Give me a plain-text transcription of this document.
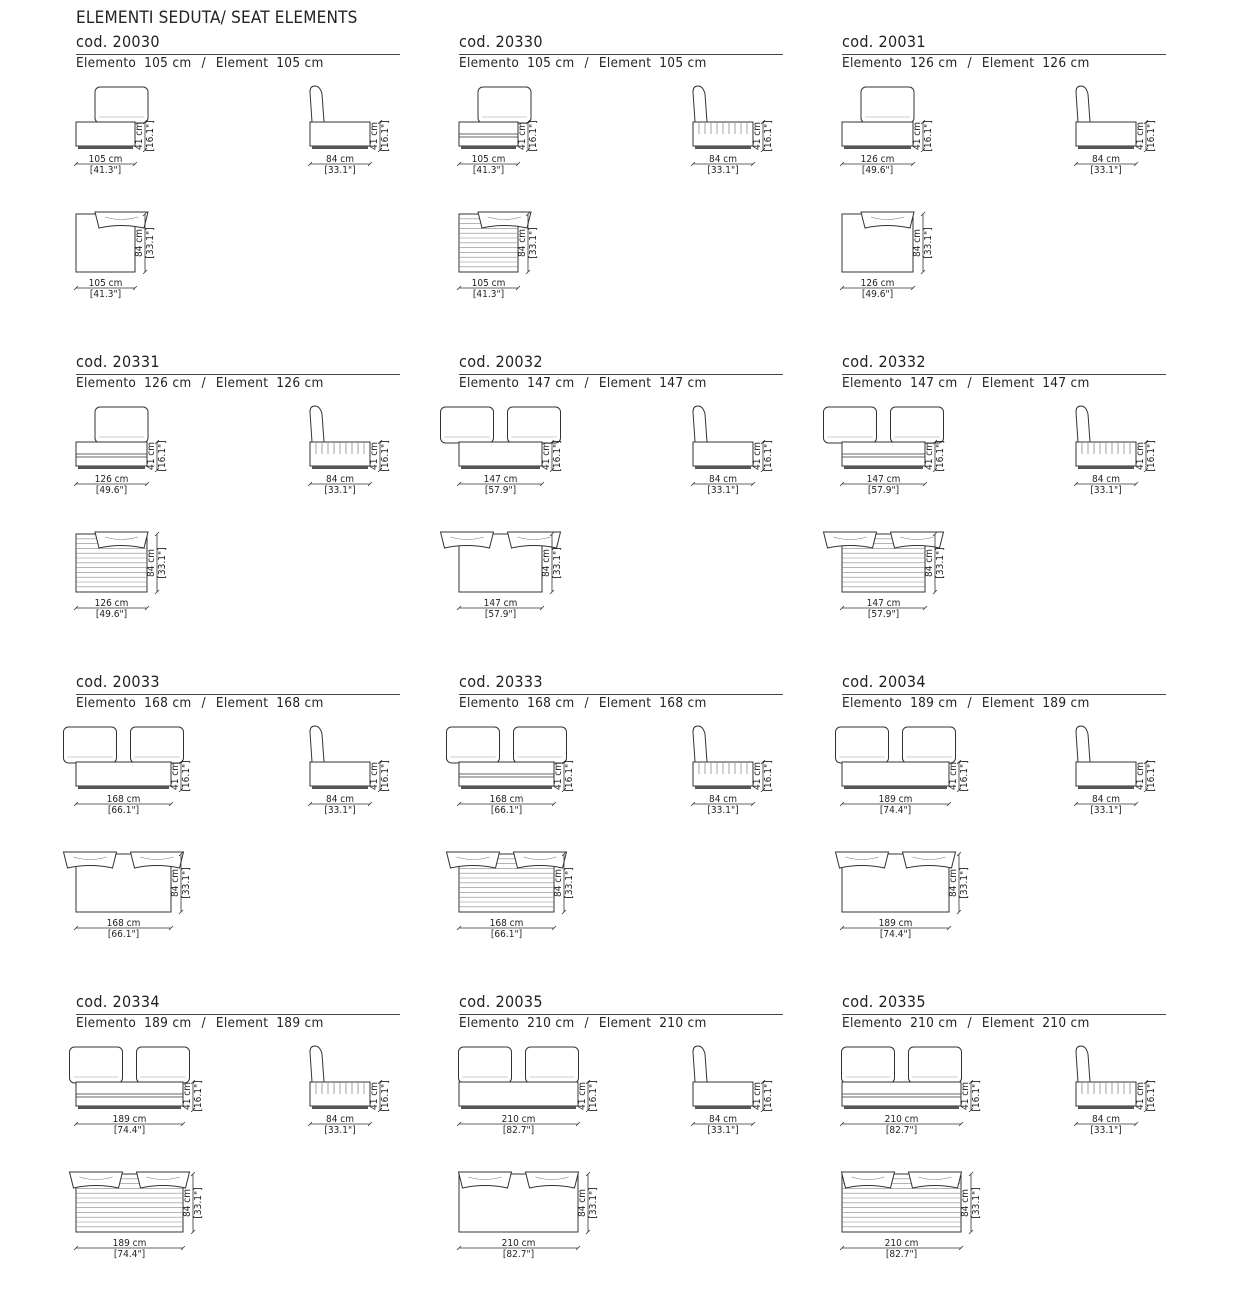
ELEMENTI SEDUTA/ SEAT ELEMENTS
cod. 20030
Elemento 105 cm / Element 105 cm
105 cm
[41.3"]
41 cm [16.1"]
84 cm
[33.1"]
41 cm [16.1"]
105 cm
[41.3"]
84 cm [33.1"]
cod. 20330
Elemento 105 cm / Element 105 cm
105 cm
[41.3"]
41 cm [16.1"]
84 cm
[33.1"]
41 cm [16.1"]
105 cm
[41.3"]
84 cm [33.1"]
cod. 20031
Elemento 126 cm / Element 126 cm
126 cm
[49.6"]
41 cm [16.1"]
84 cm
[33.1"]
41 cm [16.1"]
126 cm
[49.6"]
84 cm [33.1"]
cod. 20331
Elemento 126 cm / Element 126 cm
126 cm
[49.6"]
41 cm [16.1"]
84 cm
[33.1"]
41 cm [16.1"]
126 cm
[49.6"]
84 cm [33.1"]
cod. 20032
Elemento 147 cm / Element 147 cm
147 cm
[57.9"]
41 cm [16.1"]
84 cm
[33.1"]
41 cm [16.1"]
147 cm
[57.9"]
84 cm [33.1"]
cod. 20332
Elemento 147 cm / Element 147 cm
147 cm
[57.9"]
41 cm [16.1"]
84 cm
[33.1"]
41 cm [16.1"]
147 cm
[57.9"]
84 cm [33.1"]
cod. 20033
Elemento 168 cm / Element 168 cm
168 cm
[66.1"]
41 cm [16.1"]
84 cm
[33.1"]
41 cm [16.1"]
168 cm
[66.1"]
84 cm [33.1"]
cod. 20333
Elemento 168 cm / Element 168 cm
168 cm
[66.1"]
41 cm [16.1"]
84 cm
[33.1"]
41 cm [16.1"]
168 cm
[66.1"]
84 cm [33.1"]
cod. 20034
Elemento 189 cm / Element 189 cm
189 cm
[74.4"]
41 cm [16.1"]
84 cm
[33.1"]
41 cm [16.1"]
189 cm
[74.4"]
84 cm [33.1"]
cod. 20334
Elemento 189 cm / Element 189 cm
189 cm
[74.4"]
41 cm [16.1"]
84 cm
[33.1"]
41 cm [16.1"]
189 cm
[74.4"]
84 cm [33.1"]
cod. 20035
Elemento 210 cm / Element 210 cm
210 cm
[82.7"]
41 cm [16.1"]
84 cm
[33.1"]
41 cm [16.1"]
210 cm
[82.7"]
84 cm [33.1"]
cod. 20335
Elemento 210 cm / Element 210 cm
210 cm
[82.7"]
41 cm [16.1"]
84 cm
[33.1"]
41 cm [16.1"]
210 cm
[82.7"]
84 cm [33.1"]
